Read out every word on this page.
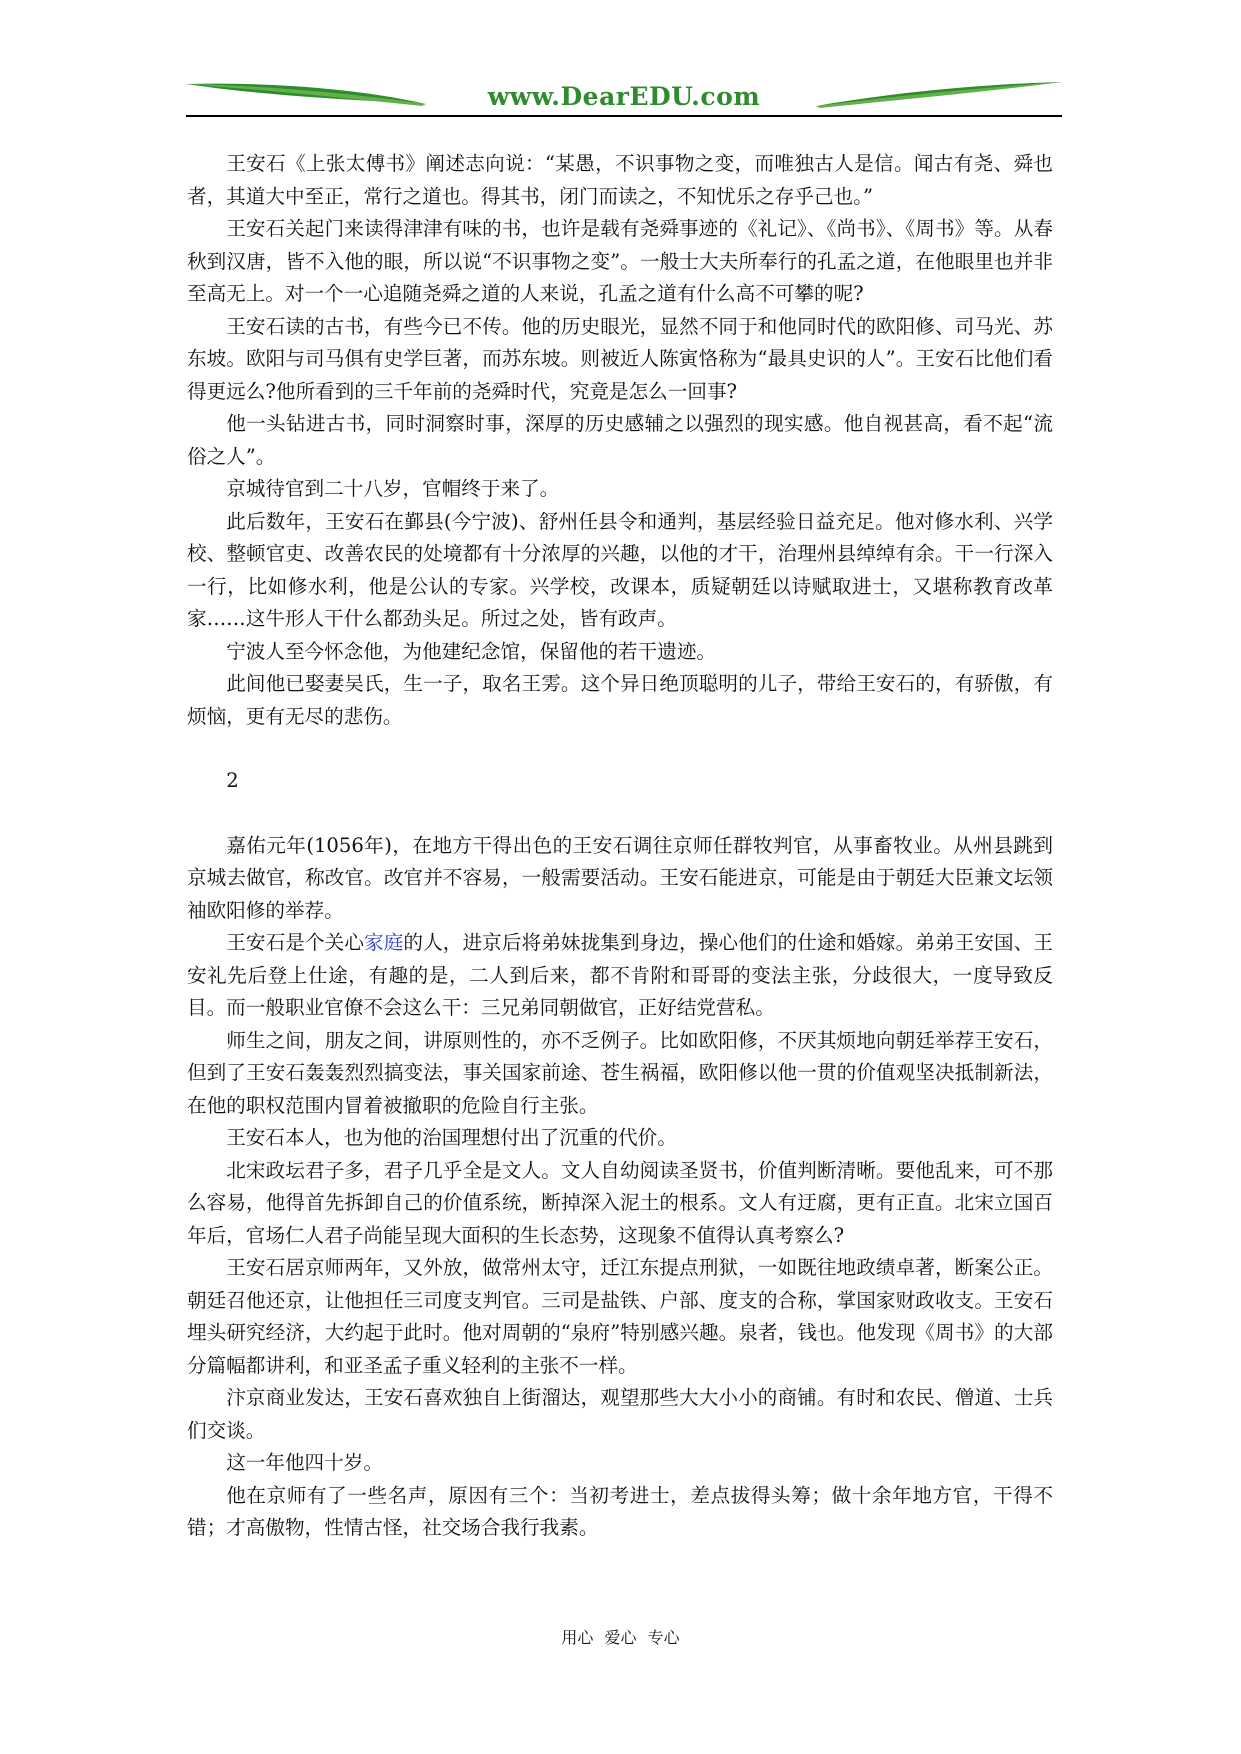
www.DearEDU.com

王安石《上张太傅书》阐述志向说：“某愚，不识事物之变，而唯独古人是信。闻古有尧、舜也者，其道大中至正，常行之道也。得其书，闭门而读之，不知忧乐之存乎己也。”

王安石关起门来读得津津有味的书，也许是载有尧舜事迹的《礼记》、《尚书》、《周书》等。从春秋到汉唐，皆不入他的眼，所以说“不识事物之变”。一般士大夫所奉行的孔孟之道，在他眼里也并非至高无上。对一个一心追随尧舜之道的人来说，孔孟之道有什么高不可攀的呢?

王安石读的古书，有些今已不传。他的历史眼光，显然不同于和他同时代的欧阳修、司马光、苏东坡。欧阳与司马俱有史学巨著，而苏东坡。则被近人陈寅恪称为“最具史识的人”。王安石比他们看得更远么?他所看到的三千年前的尧舜时代，究竟是怎么一回事?

他一头钻进古书，同时洞察时事，深厚的历史感辅之以强烈的现实感。他自视甚高，看不起“流俗之人”。

京城待官到二十八岁，官帽终于来了。

此后数年，王安石在鄞县(今宁波)、舒州任县令和通判，基层经验日益充足。他对修水利、兴学校、整顿官吏、改善农民的处境都有十分浓厚的兴趣，以他的才干，治理州县绰绰有余。干一行深入一行，比如修水利，他是公认的专家。兴学校，改课本，质疑朝廷以诗赋取进士，又堪称教育改革家……这牛形人干什么都劲头足。所过之处，皆有政声。

宁波人至今怀念他，为他建纪念馆，保留他的若干遗迹。

此间他已娶妻吴氏，生一子，取名王雱。这个异日绝顶聪明的儿子，带给王安石的，有骄傲，有烦恼，更有无尽的悲伤。

2

嘉佑元年(1056年)，在地方干得出色的王安石调往京师任群牧判官，从事畜牧业。从州县跳到京城去做官，称改官。改官并不容易，一般需要活动。王安石能进京，可能是由于朝廷大臣兼文坛领袖欧阳修的举荐。

王安石是个关心家庭的人，进京后将弟妹拢集到身边，操心他们的仕途和婚嫁。弟弟王安国、王安礼先后登上仕途，有趣的是，二人到后来，都不肯附和哥哥的变法主张，分歧很大，一度导致反目。而一般职业官僚不会这么干：三兄弟同朝做官，正好结党营私。

师生之间，朋友之间，讲原则性的，亦不乏例子。比如欧阳修，不厌其烦地向朝廷举荐王安石，但到了王安石轰轰烈烈搞变法，事关国家前途、苍生祸福，欧阳修以他一贯的价值观坚决抵制新法，在他的职权范围内冒着被撤职的危险自行主张。

王安石本人，也为他的治国理想付出了沉重的代价。

北宋政坛君子多，君子几乎全是文人。文人自幼阅读圣贤书，价值判断清晰。要他乱来，可不那么容易，他得首先拆卸自己的价值系统，断掉深入泥土的根系。文人有迂腐，更有正直。北宋立国百年后，官场仁人君子尚能呈现大面积的生长态势，这现象不值得认真考察么?

王安石居京师两年，又外放，做常州太守，迁江东提点刑狱，一如既往地政绩卓著，断案公正。朝廷召他还京，让他担任三司度支判官。三司是盐铁、户部、度支的合称，掌国家财政收支。王安石埋头研究经济，大约起于此时。他对周朝的“泉府”特别感兴趣。泉者，钱也。他发现《周书》的大部分篇幅都讲利，和亚圣孟子重义轻利的主张不一样。

汴京商业发达，王安石喜欢独自上街溜达，观望那些大大小小的商铺。有时和农民、僧道、士兵们交谈。

这一年他四十岁。

他在京师有了一些名声，原因有三个：当初考进士，差点拔得头筹；做十余年地方官，干得不错；才高傲物，性情古怪，社交场合我行我素。

用心 爱心 专心
